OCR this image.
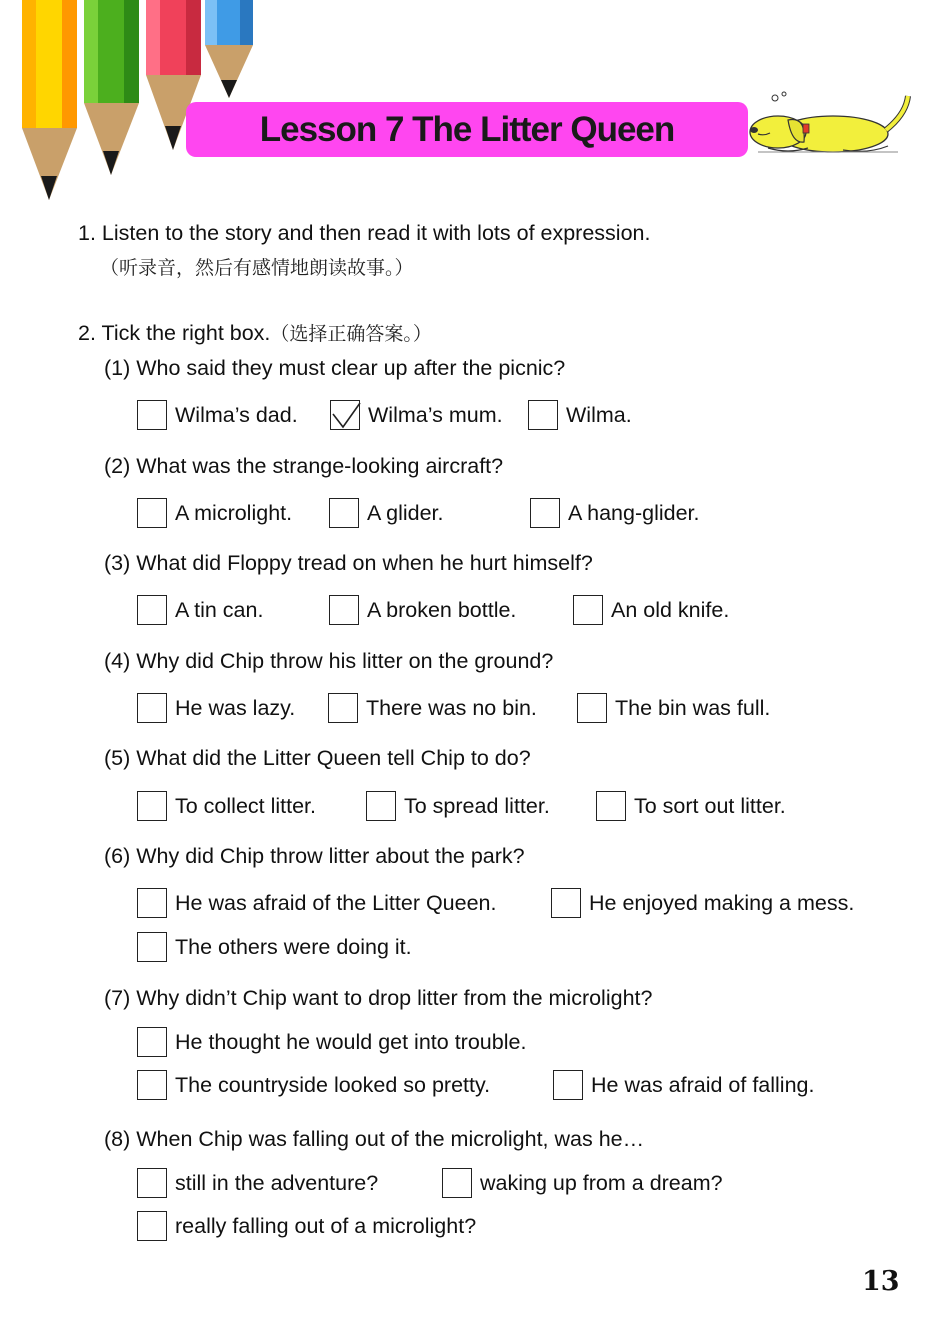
Lesson 7 The Litter Queen
1. Listen to the story and then read it with lots of expression.
（听录音，然后有感情地朗读故事。）
2. Tick the right box.（选择正确答案。）
(1) Who said they must clear up after the picnic?
Wilma’s dad.	Wilma’s mum.	Wilma.
(2) What was the strange-looking aircraft?
A microlight.	A glider.	A hang-glider.
(3) What did Floppy tread on when he hurt himself?
A tin can.	A broken bottle.	An old knife.
(4) Why did Chip throw his litter on the ground?
He was lazy.	There was no bin.	The bin was full.
(5) What did the Litter Queen tell Chip to do?
To collect litter.	To spread litter.	To sort out litter.
(6) Why did Chip throw litter about the park?
He was afraid of the Litter Queen.	He enjoyed making a mess.
The others were doing it.
(7) Why didn’t Chip want to drop litter from the microlight?
He thought he would get into trouble.
The countryside looked so pretty.	He was afraid of falling.
(8) When Chip was falling out of the microlight, was he…
still in the adventure?	waking up from a dream?
really falling out of a microlight?
13
